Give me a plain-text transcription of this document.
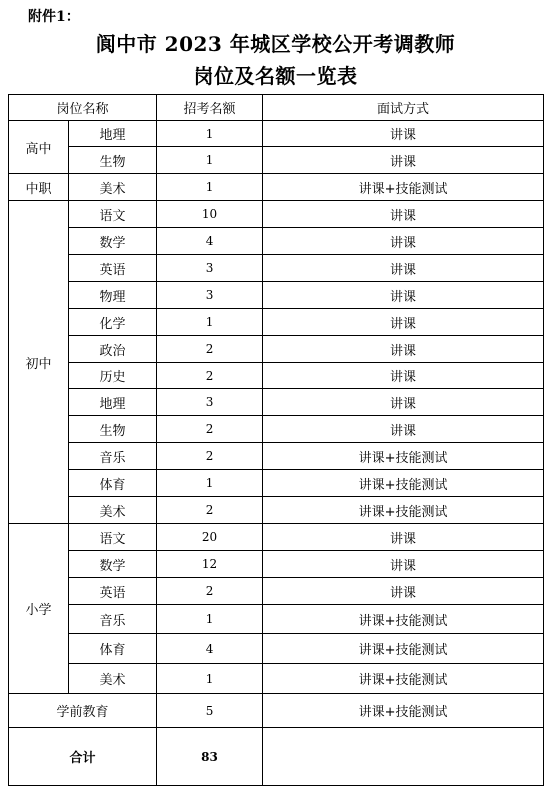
附件1：
阆中市 2023 年城区学校公开考调教师
岗位及名额一览表
岗位名称		招考名额	面试方式
高中	地理	1	讲课
	生物	1	讲课
中职	美术	1	讲课+技能测试
初中	语文	10	讲课
	数学	4	讲课
	英语	3	讲课
	物理	3	讲课
	化学	1	讲课
	政治	2	讲课
	历史	2	讲课
	地理	3	讲课
	生物	2	讲课
	音乐	2	讲课+技能测试
	体育	1	讲课+技能测试
	美术	2	讲课+技能测试
小学	语文	20	讲课
	数学	12	讲课
	英语	2	讲课
	音乐	1	讲课+技能测试
	体育	4	讲课+技能测试
	美术	1	讲课+技能测试
学前教育		5	讲课+技能测试
合计		83	
